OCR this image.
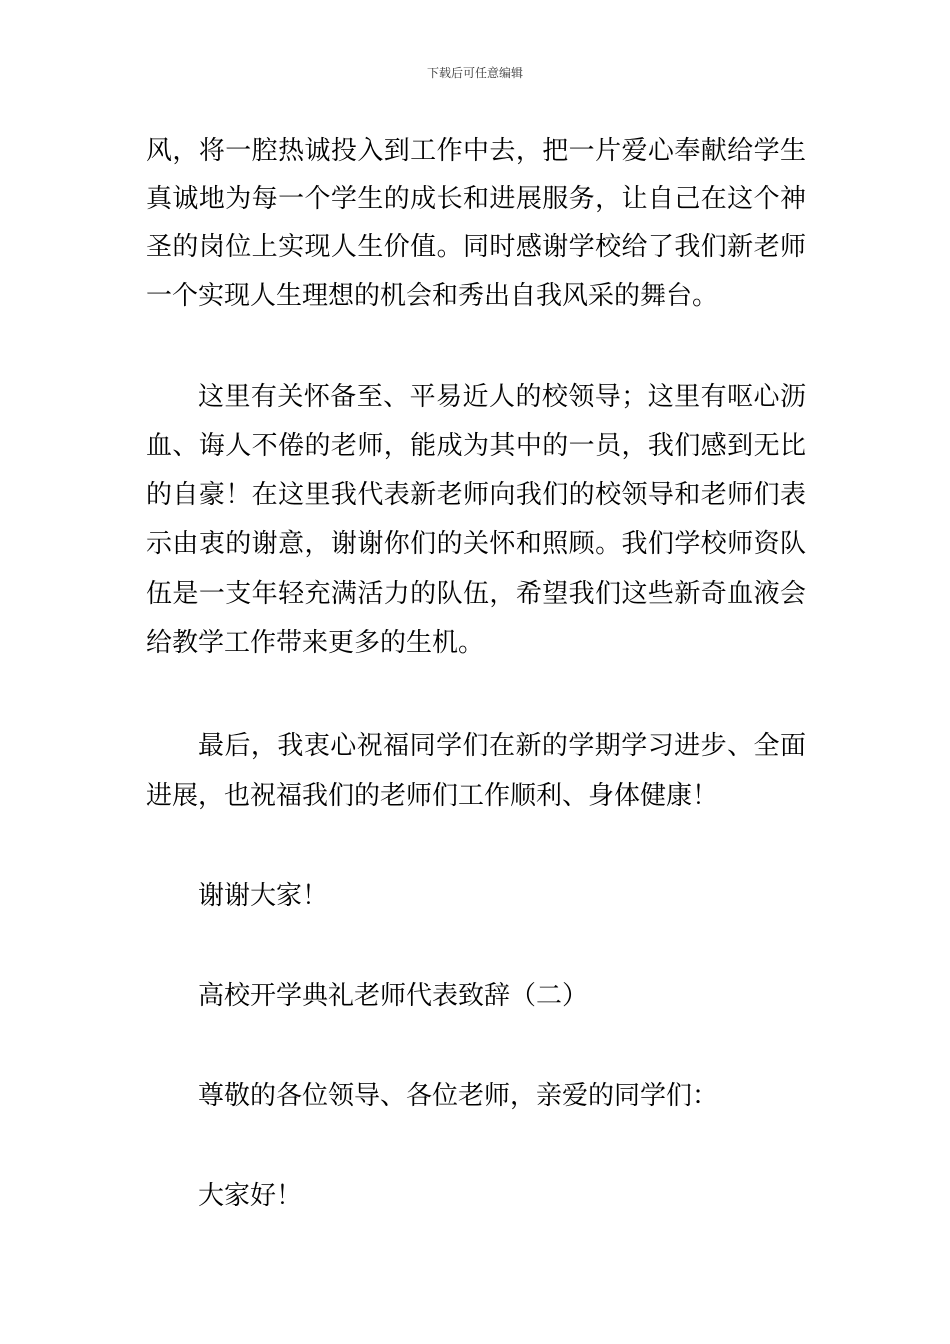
下载后可任意编辑
风，将一腔热诚投入到工作中去，把一片爱心奉献给学生
真诚地为每一个学生的成长和进展服务，让自己在这个神
圣的岗位上实现人生价值。同时感谢学校给了我们新老师
一个实现人生理想的机会和秀出自我风采的舞台。
这里有关怀备至、平易近人的校领导；这里有呕心沥
血、诲人不倦的老师，能成为其中的一员，我们感到无比
的自豪！在这里我代表新老师向我们的校领导和老师们表
示由衷的谢意，谢谢你们的关怀和照顾。我们学校师资队
伍是一支年轻充满活力的队伍，希望我们这些新奇血液会
给教学工作带来更多的生机。
最后，我衷心祝福同学们在新的学期学习进步、全面
进展，也祝福我们的老师们工作顺利、身体健康！
谢谢大家！
高校开学典礼老师代表致辞（二）
尊敬的各位领导、各位老师，亲爱的同学们：
大家好！
